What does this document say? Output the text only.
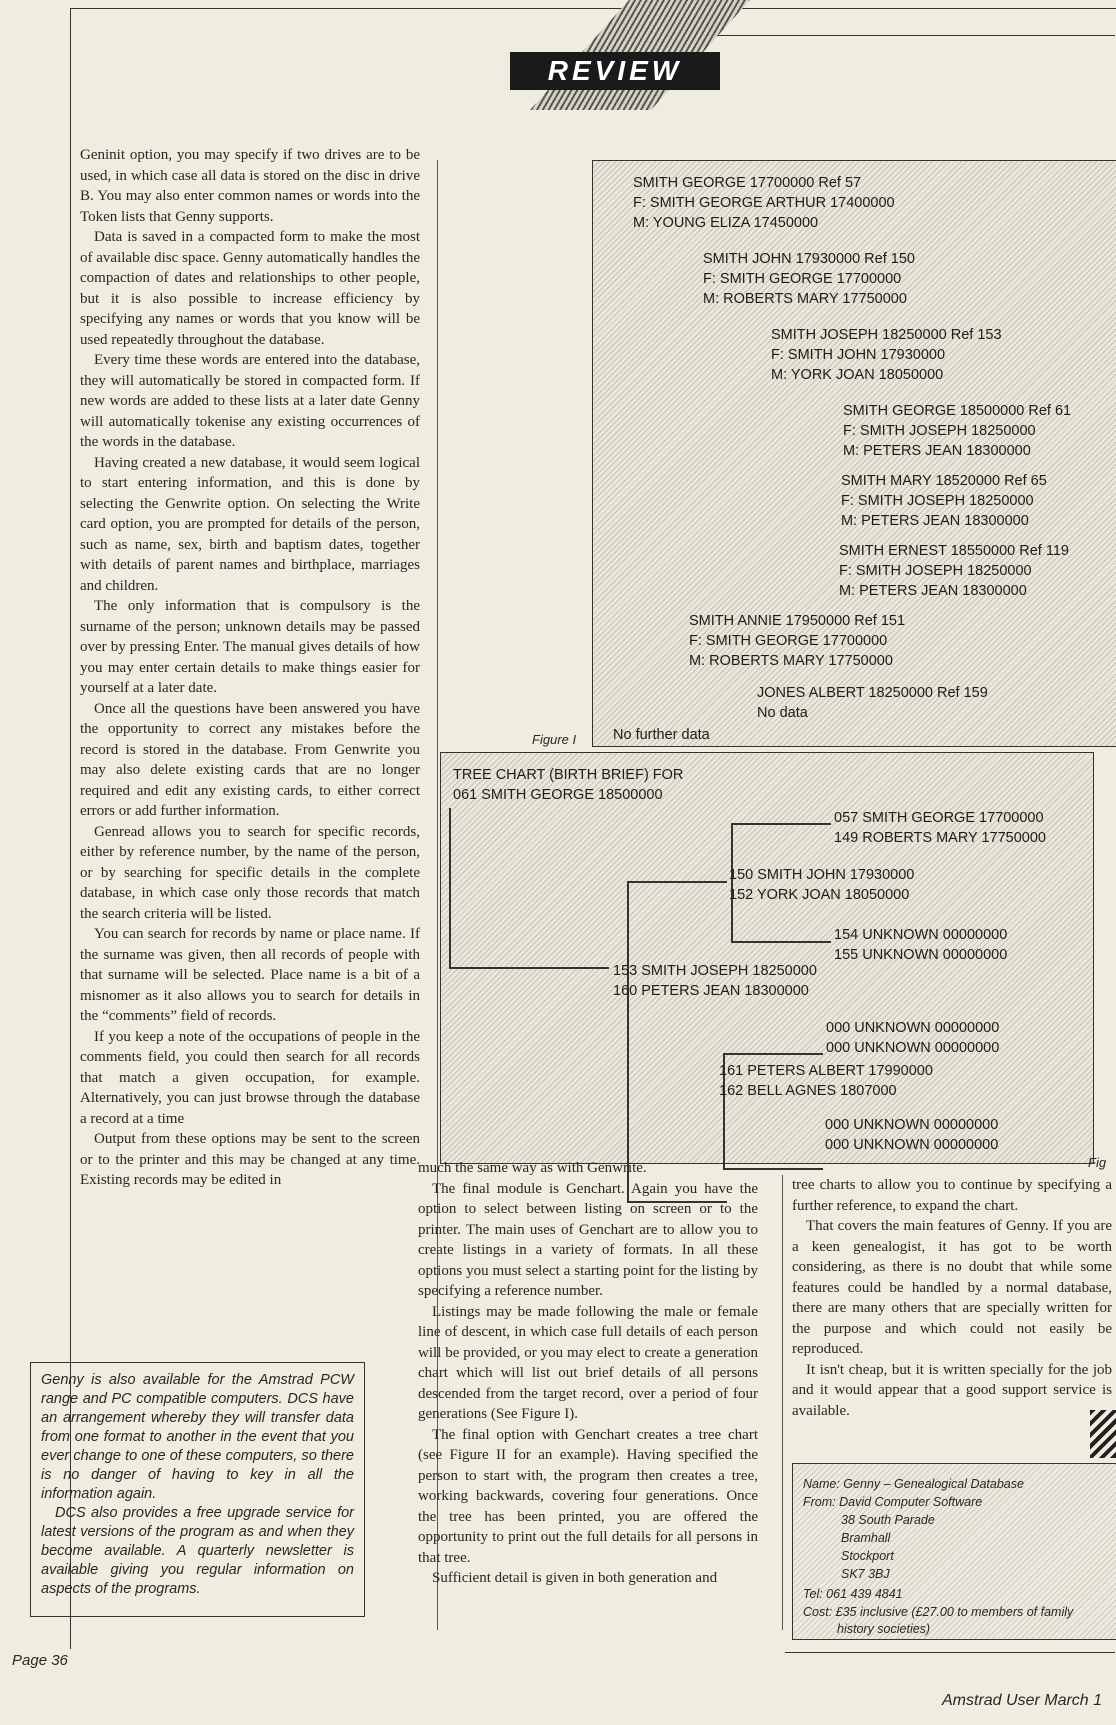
REVIEW

Geninit option, you may specify if two drives are to be used, in which case all data is stored on the disc in drive B. You may also enter common names or words into the Token lists that Genny supports.

Data is saved in a compacted form to make the most of available disc space. Genny automatically handles the compaction of dates and relationships to other people, but it is also possible to increase efficiency by specifying any names or words that you know will be used repeatedly throughout the database.

Every time these words are entered into the database, they will automatically be stored in compacted form. If new words are added to these lists at a later date Genny will automatically tokenise any existing occurrences of the words in the database.

Having created a new database, it would seem logical to start entering information, and this is done by selecting the Genwrite option. On selecting the Write card option, you are prompted for details of the person, such as name, sex, birth and baptism dates, together with details of parent names and birthplace, marriages and children.

The only information that is compulsory is the surname of the person; unknown details may be passed over by pressing Enter. The manual gives details of how you may enter certain details to make things easier for yourself at a later date.

Once all the questions have been answered you have the opportunity to correct any mistakes before the record is stored in the database. From Genwrite you may also delete existing cards that are no longer required and edit any existing cards, to either correct errors or add further information.

Genread allows you to search for specific records, either by reference number, by the name of the person, or by searching for specific details in the complete database, in which case only those records that match the search criteria will be listed.

You can search for records by name or place name. If the surname was given, then all records of people with that surname will be selected. Place name is a bit of a misnomer as it also allows you to search for details in the “comments” field of records.

If you keep a note of the occupations of people in the comments field, you could then search for all records that match a given occupation, for example. Alternatively, you can just browse through the database a record at a time

Output from these options may be sent to the screen or to the printer and this may be changed at any time. Existing records may be edited in

Genny is also available for the Amstrad PCW range and PC compatible computers. DCS have an arrangement whereby they will transfer data from one format to another in the event that you ever change to one of these computers, so there is no danger of having to key in all the information again.

DCS also provides a free upgrade service for latest versions of the program as and when they become available. A quarterly newsletter is available giving you regular information on aspects of the programs.

SMITH GEORGE 17700000 Ref 57
F: SMITH GEORGE ARTHUR 17400000
M: YOUNG ELIZA 17450000
SMITH JOHN 17930000 Ref 150
F: SMITH GEORGE 17700000
M: ROBERTS MARY 17750000
SMITH JOSEPH 18250000 Ref 153
F: SMITH JOHN 17930000
M: YORK JOAN 18050000
SMITH GEORGE 18500000 Ref 61
F: SMITH JOSEPH 18250000
M: PETERS JEAN 18300000
SMITH MARY 18520000 Ref 65
F: SMITH JOSEPH 18250000
M: PETERS JEAN 18300000
SMITH ERNEST 18550000 Ref 119
F: SMITH JOSEPH 18250000
M: PETERS JEAN 18300000
SMITH ANNIE 17950000 Ref 151
F: SMITH GEORGE 17700000
M: ROBERTS MARY 17750000
JONES ALBERT 18250000 Ref 159
No data
No further data
Figure I
TREE CHART (BIRTH BRIEF) FOR
061 SMITH GEORGE 18500000
057 SMITH GEORGE 17700000
149 ROBERTS MARY 17750000
150 SMITH JOHN 17930000
152 YORK JOAN 18050000
154 UNKNOWN 00000000
155 UNKNOWN 00000000
153 SMITH JOSEPH 18250000
160 PETERS JEAN 18300000
000 UNKNOWN 00000000
000 UNKNOWN 00000000
161 PETERS ALBERT 17990000
162 BELL AGNES 1807000
000 UNKNOWN 00000000
000 UNKNOWN 00000000
Fig

much the same way as with Genwrite.

The final module is Genchart. Again you have the option to select between listing on screen or to the printer. The main uses of Genchart are to allow you to create listings in a variety of formats. In all these options you must select a starting point for the listing by specifying a reference number.

Listings may be made following the male or female line of descent, in which case full details of each person will be provided, or you may elect to create a generation chart which will list out brief details of all persons descended from the target record, over a period of four generations (See Figure I).

The final option with Genchart creates a tree chart (see Figure II for an example). Having specified the person to start with, the program then creates a tree, working backwards, covering four generations. Once the tree has been printed, you are offered the opportunity to print out the full details for all persons in that tree.

Sufficient detail is given in both generation and

tree charts to allow you to continue by specifying a further reference, to expand the chart.

That covers the main features of Genny. If you are a keen genealogist, it has got to be worth considering, as there is no doubt that while some features could be handled by a normal database, there are many others that are specially written for the purpose and which could not easily be reproduced.

It isn't cheap, but it is written specially for the job and it would appear that a good support service is available.

Name: Genny – Genealogical Database
From: David Computer Software
38 South Parade
Bramhall
Stockport
SK7 3BJ
Tel: 061 439 4841
Cost: £35 inclusive (£27.00 to members of family
history societies)
Page 36
Amstrad User March 1
